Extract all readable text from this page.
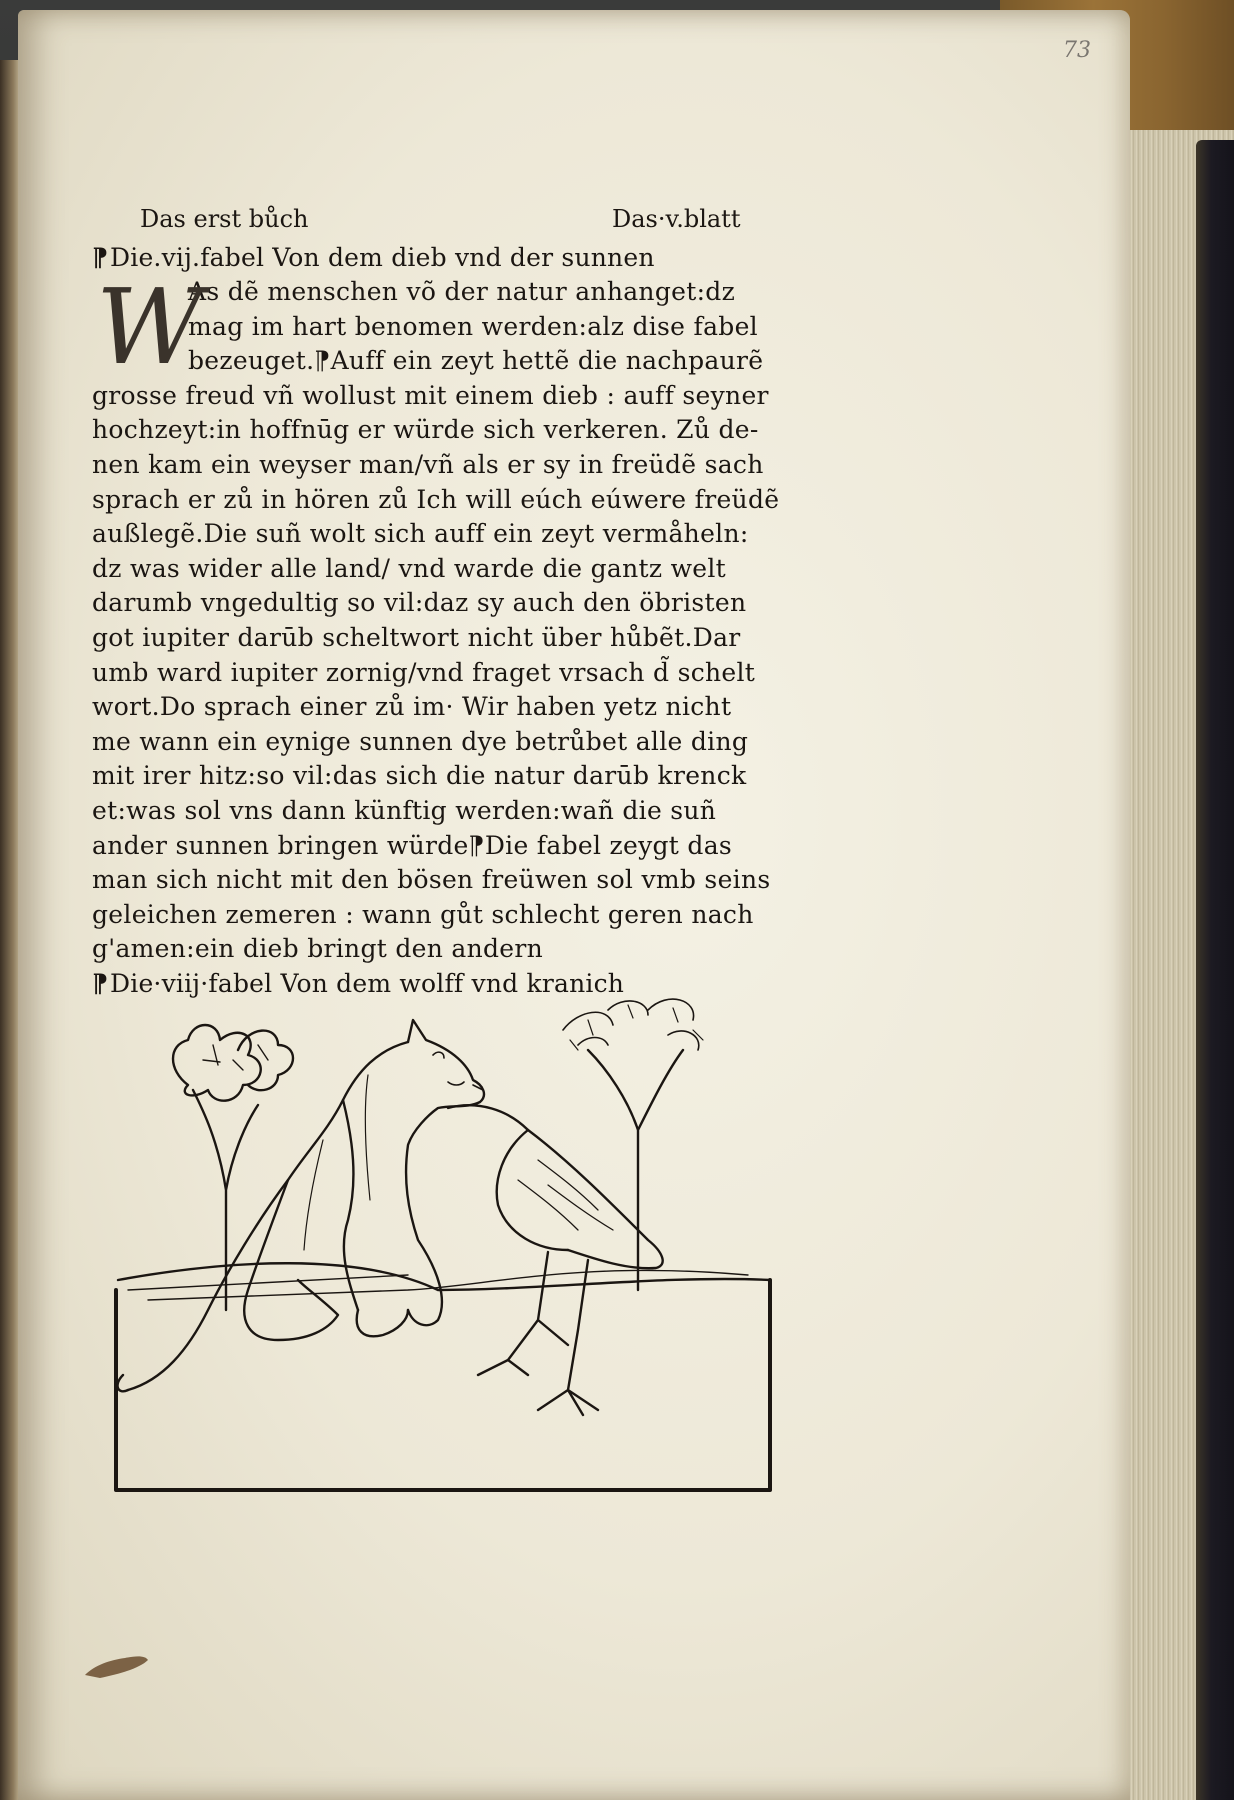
73
Das erst bůch	Das·v.blatt
⁋Die.vij.fabel Von dem dieb vnd der sunnen
W
As dẽ menschen võ der natur anhanget:dz
mag im hart benomen werden:alz dise fabel
bezeuget.⁋Auff ein zeyt hettẽ die nachpaurẽ
grosse freud vñ wollust mit einem dieb : auff seyner
hochzeyt:in hoffnūg er würde sich verkeren. Zů de-
nen kam ein weyser man/vñ als er sy in freüdẽ sach
sprach er zů in hören zů Ich will eúch eúwere freüdẽ
außlegẽ.Die suñ wolt sich auff ein zeyt vermåheln:
dz was wider alle land/ vnd warde die gantz welt
darumb vngedultig so vil:daz sy auch den öbristen
got iupiter darūb scheltwort nicht über hůbẽt.Dar
umb ward iupiter zornig/vnd fraget vrsach d̃ schelt
wort.Do sprach einer zů im· Wir haben yetz nicht
me wann ein eynige sunnen dye betrůbet alle ding
mit irer hitz:so vil:das sich die natur darūb krenck
et:was sol vns dann künftig werden:wañ die suñ
ander sunnen bringen würde⁋Die fabel zeygt das
man sich nicht mit den bösen freüwen sol vmb seins
geleichen zemeren : wann gůt schlecht geren nach
g'amen:ein dieb bringt den andern
⁋Die·viij·fabel Von dem wolff vnd kranich
